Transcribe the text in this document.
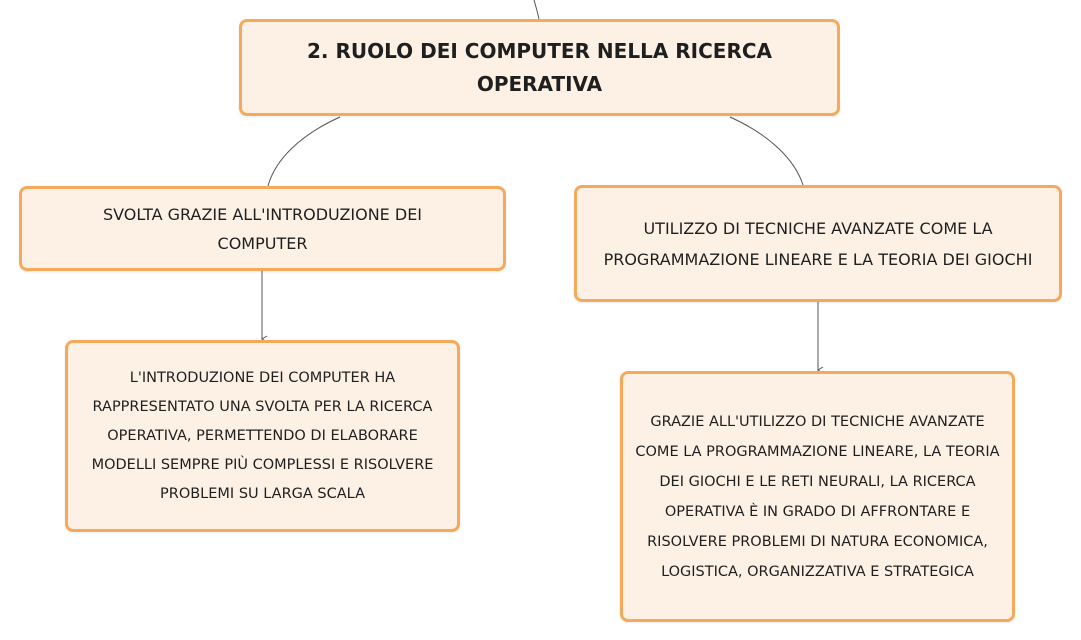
2. RUOLO DEI COMPUTER NELLA RICERCA OPERATIVA
SVOLTA GRAZIE ALL'INTRODUZIONE DEI COMPUTER
UTILIZZO DI TECNICHE AVANZATE COME LA PROGRAMMAZIONE LINEARE E LA TEORIA DEI GIOCHI
L'INTRODUZIONE DEI COMPUTER HA RAPPRESENTATO UNA SVOLTA PER LA RICERCA OPERATIVA, PERMETTENDO DI ELABORARE MODELLI SEMPRE PIÙ COMPLESSI E RISOLVERE PROBLEMI SU LARGA SCALA
GRAZIE ALL'UTILIZZO DI TECNICHE AVANZATE COME LA PROGRAMMAZIONE LINEARE, LA TEORIA DEI GIOCHI E LE RETI NEURALI, LA RICERCA OPERATIVA È IN GRADO DI AFFRONTARE E RISOLVERE PROBLEMI DI NATURA ECONOMICA, LOGISTICA, ORGANIZZATIVA E STRATEGICA
